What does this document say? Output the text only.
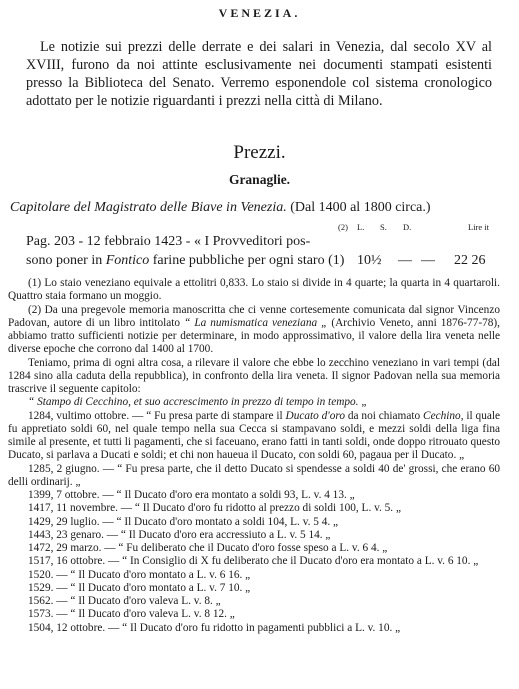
VENEZIA.

Le notizie sui prezzi delle derrate e dei salari in Venezia, dal secolo XV al XVIII, furono da noi attinte esclusivamente nei documenti stampati esistenti presso la Biblioteca del Senato. Verremo esponendole col sistema cronologico adottato per le notizie riguardanti i prezzi nella città di Milano.

Prezzi.
Granaglie.
Capitolare del Magistrato delle Biave in Venezia. (Dal 1400 al 1800 circa.)
(2) L. S. D.	Lire it
Pag. 203 - 12 febbraio 1423 - « I Provveditori pos-
sono poner in Fontico farine pubbliche per ogni staro (1) 10½ — — 22 26

(1) Lo staio veneziano equivale a ettolitri 0,833. Lo staio si divide in 4 quarte; la quarta in 4 quartaroli. Quattro staia formano un moggio.

(2) Da una pregevole memoria manoscritta che ci venne cortesemente comunicata dal signor Vincenzo Padovan, autore di un libro intitolato “ La numismatica veneziana „ (Archivio Veneto, anni 1876-77-78), abbiamo tratto sufficienti notizie per determinare, in modo approssimativo, il valore della lira veneta nelle diverse epoche che corrono dal 1400 al 1700.

Teniamo, prima di ogni altra cosa, a rilevare il valore che ebbe lo zecchino veneziano in vari tempi (dal 1284 sino alla caduta della repubblica), in confronto della lira veneta. Il signor Padovan nella sua memoria trascrive il seguente capitolo:

“ Stampo di Cecchino, et suo accrescimento in prezzo di tempo in tempo. „

1284, vultimo ottobre. — “ Fu presa parte di stampare il Ducato d'oro da noi chiamato Cechino, il quale fu appretiato soldi 60, nel quale tempo nella sua Cecca si stampavano soldi, e mezzi soldi della liga fina simile al presente, et tutti li pagamenti, che si faceuano, erano fatti in tanti soldi, onde doppo ritrouato questo Ducato, si parlava a Ducati e soldi; et chi non haueua il Ducato, con soldi 60, pagaua per il Ducato. „

1285, 2 giugno. — “ Fu presa parte, che il detto Ducato si spendesse a soldi 40 de' grossi, che erano 60 delli ordinarij. „

1399, 7 ottobre. — “ Il Ducato d'oro era montato a soldi 93, L. v. 4 13. „

1417, 11 novembre. — “ Il Ducato d'oro fu ridotto al prezzo di soldi 100, L. v. 5. „

1429, 29 luglio. — “ Il Ducato d'oro montato a soldi 104, L. v. 5 4. „

1443, 23 genaro. — “ Il Ducato d'oro era accressiuto a L. v. 5 14. „

1472, 29 marzo. — “ Fu deliberato che il Ducato d'oro fosse speso a L. v. 6 4. „

1517, 16 ottobre. — “ In Consiglio di X fu deliberato che il Ducato d'oro era montato a L. v. 6 10. „

1520. — “ Il Ducato d'oro montato a L. v. 6 16. „

1529. — “ Il Ducato d'oro montato a L. v. 7 10. „

1562. — “ Il Ducato d'oro valeva L. v. 8. „

1573. — “ Il Ducato d'oro valeva L. v. 8 12. „

1504, 12 ottobre. — “ Il Ducato d'oro fu ridotto in pagamenti pubblici a L. v. 10. „
